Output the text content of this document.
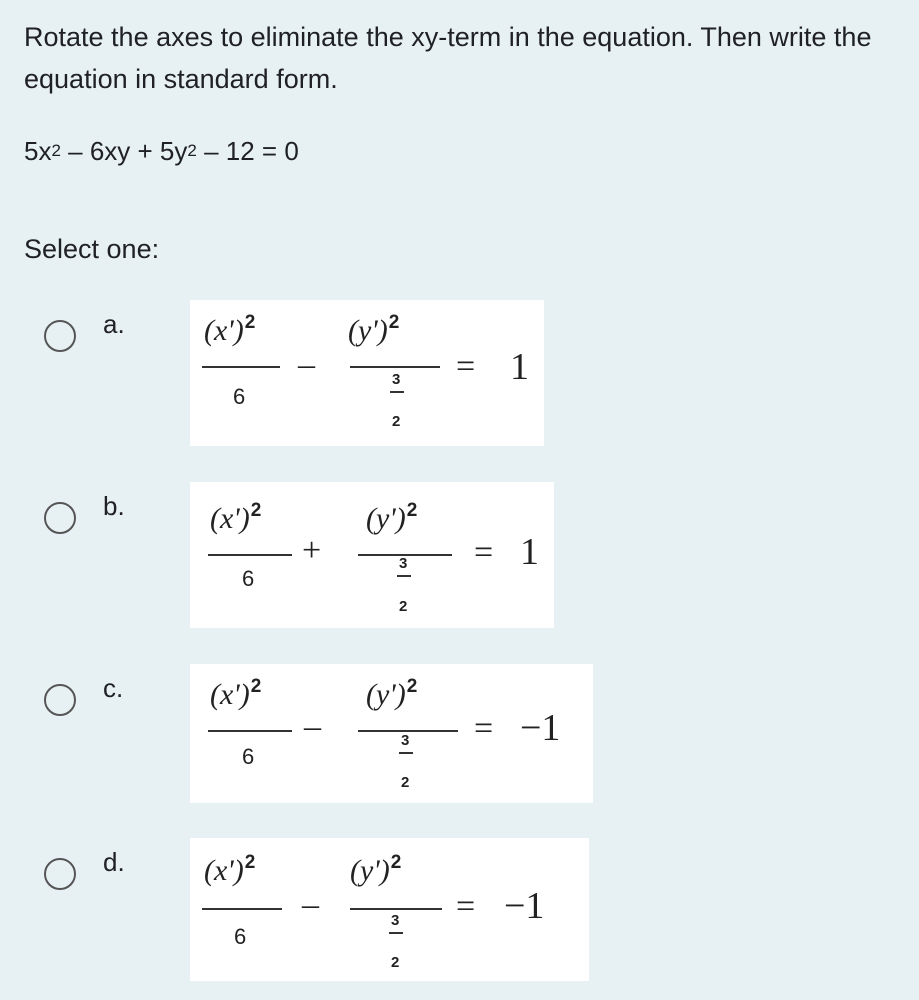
Rotate the axes to eliminate the xy-term in the equation. Then write the equation in standard form.
$5x^2 - 6xy + 5y^2 - 12 = 0$
Select one:
a.	$(x')^2$
6
–
$(y')^2$
3
2
= 1
b.	$(x')^2$
6
+
$(y')^2$
3
2
= 1
c.	$(x')^2$
6
–
$(y')^2$
3
2
= −1
d.	$(x')^2$
6
–
$(y')^2$
3
2
= −1
